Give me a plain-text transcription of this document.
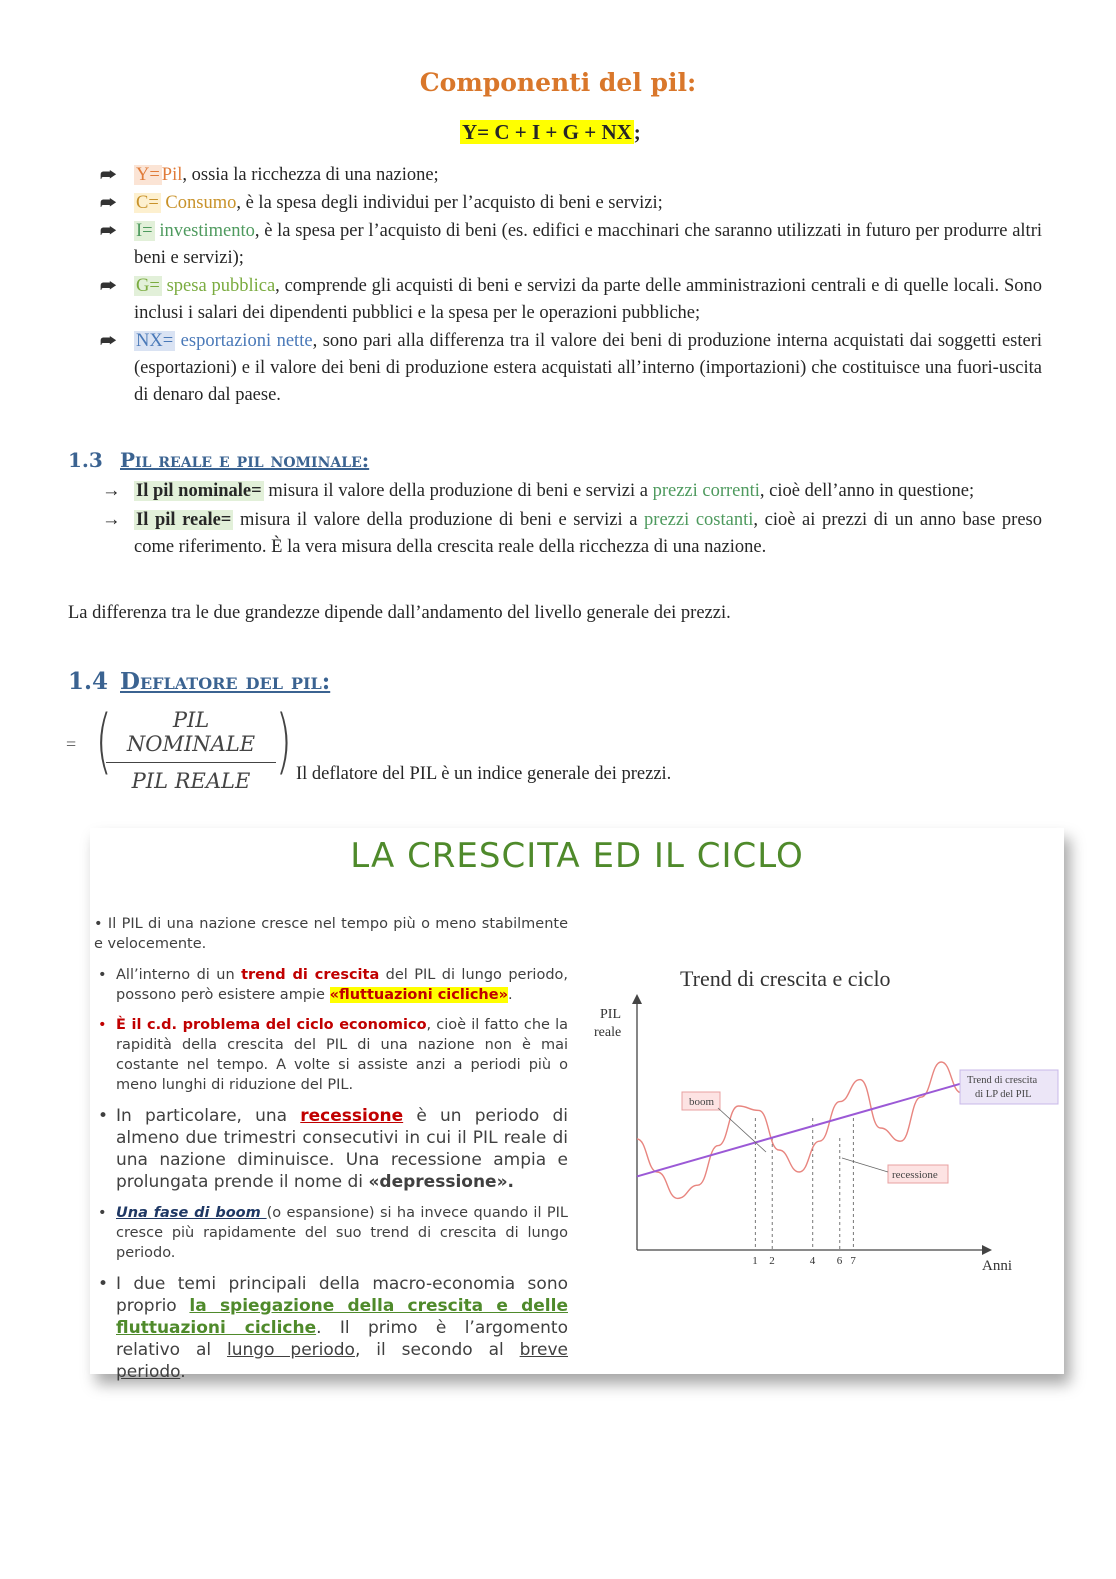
Componenti del pil:
Y= C + I + G + NX;
⮫ Y= Pil, ossia la ricchezza di una nazione;
⮫ C= Consumo, è la spesa degli individui per l’acquisto di beni e servizi;
⮫ I= investimento, è la spesa per l’acquisto di beni (es. edifici e macchinari che saranno utilizzati in futuro per produrre altri beni e servizi);
⮫ G= spesa pubblica, comprende gli acquisti di beni e servizi da parte delle amministrazioni centrali e di quelle locali. Sono inclusi i salari dei dipendenti pubblici e la spesa per le operazioni pubbliche;
⮫ NX= esportazioni nette, sono pari alla differenza tra il valore dei beni di produzione interna acquistati dai soggetti esteri (esportazioni) e il valore dei beni di produzione estera acquistati all’interno (importazioni) che costituisce una fuori-uscita di denaro dal paese.
1.3 Pil reale e pil nominale:
→ Il pil nominale= misura il valore della produzione di beni e servizi a prezzi correnti, cioè dell’anno in questione;
→ Il pil reale= misura il valore della produzione di beni e servizi a prezzi costanti, cioè ai prezzi di un anno base preso come riferimento. È la vera misura della crescita reale della ricchezza di una nazione.
La differenza tra le due grandezze dipende dall’andamento del livello generale dei prezzi.
1.4 Deflatore del pil:
= (	PIL NOMINALE
PIL REALE ) Il deflatore del PIL è un indice generale dei prezzi.
LA CRESCITA ED IL CICLO
• Il PIL di una nazione cresce nel tempo più o meno stabilmente e velocemente.
• All’interno di un trend di crescita del PIL di lungo periodo, possono però esistere ampie «fluttuazioni cicliche».
• È il c.d. problema del ciclo economico, cioè il fatto che la rapidità della crescita del PIL di una nazione non è mai costante nel tempo. A volte si assiste anzi a periodi più o meno lunghi di riduzione del PIL.
• In particolare, una recessione è un periodo di almeno due trimestri consecutivi in cui il PIL reale di una nazione diminuisce. Una recessione ampia e prolungata prende il nome di «depressione».
• Una fase di boom (o espansione) si ha invece quando il PIL cresce più rapidamente del suo trend di crescita di lungo periodo.
• I due temi principali della macro-economia sono proprio la spiegazione della crescita e delle fluttuazioni cicliche. Il primo è l’argomento relativo al lungo periodo, il secondo al breve periodo.
Trend di crescita e ciclo
PIL
reale
Anni
1 2	4 6 7
boom
recessione
Trend di crescita
di LP del PIL
